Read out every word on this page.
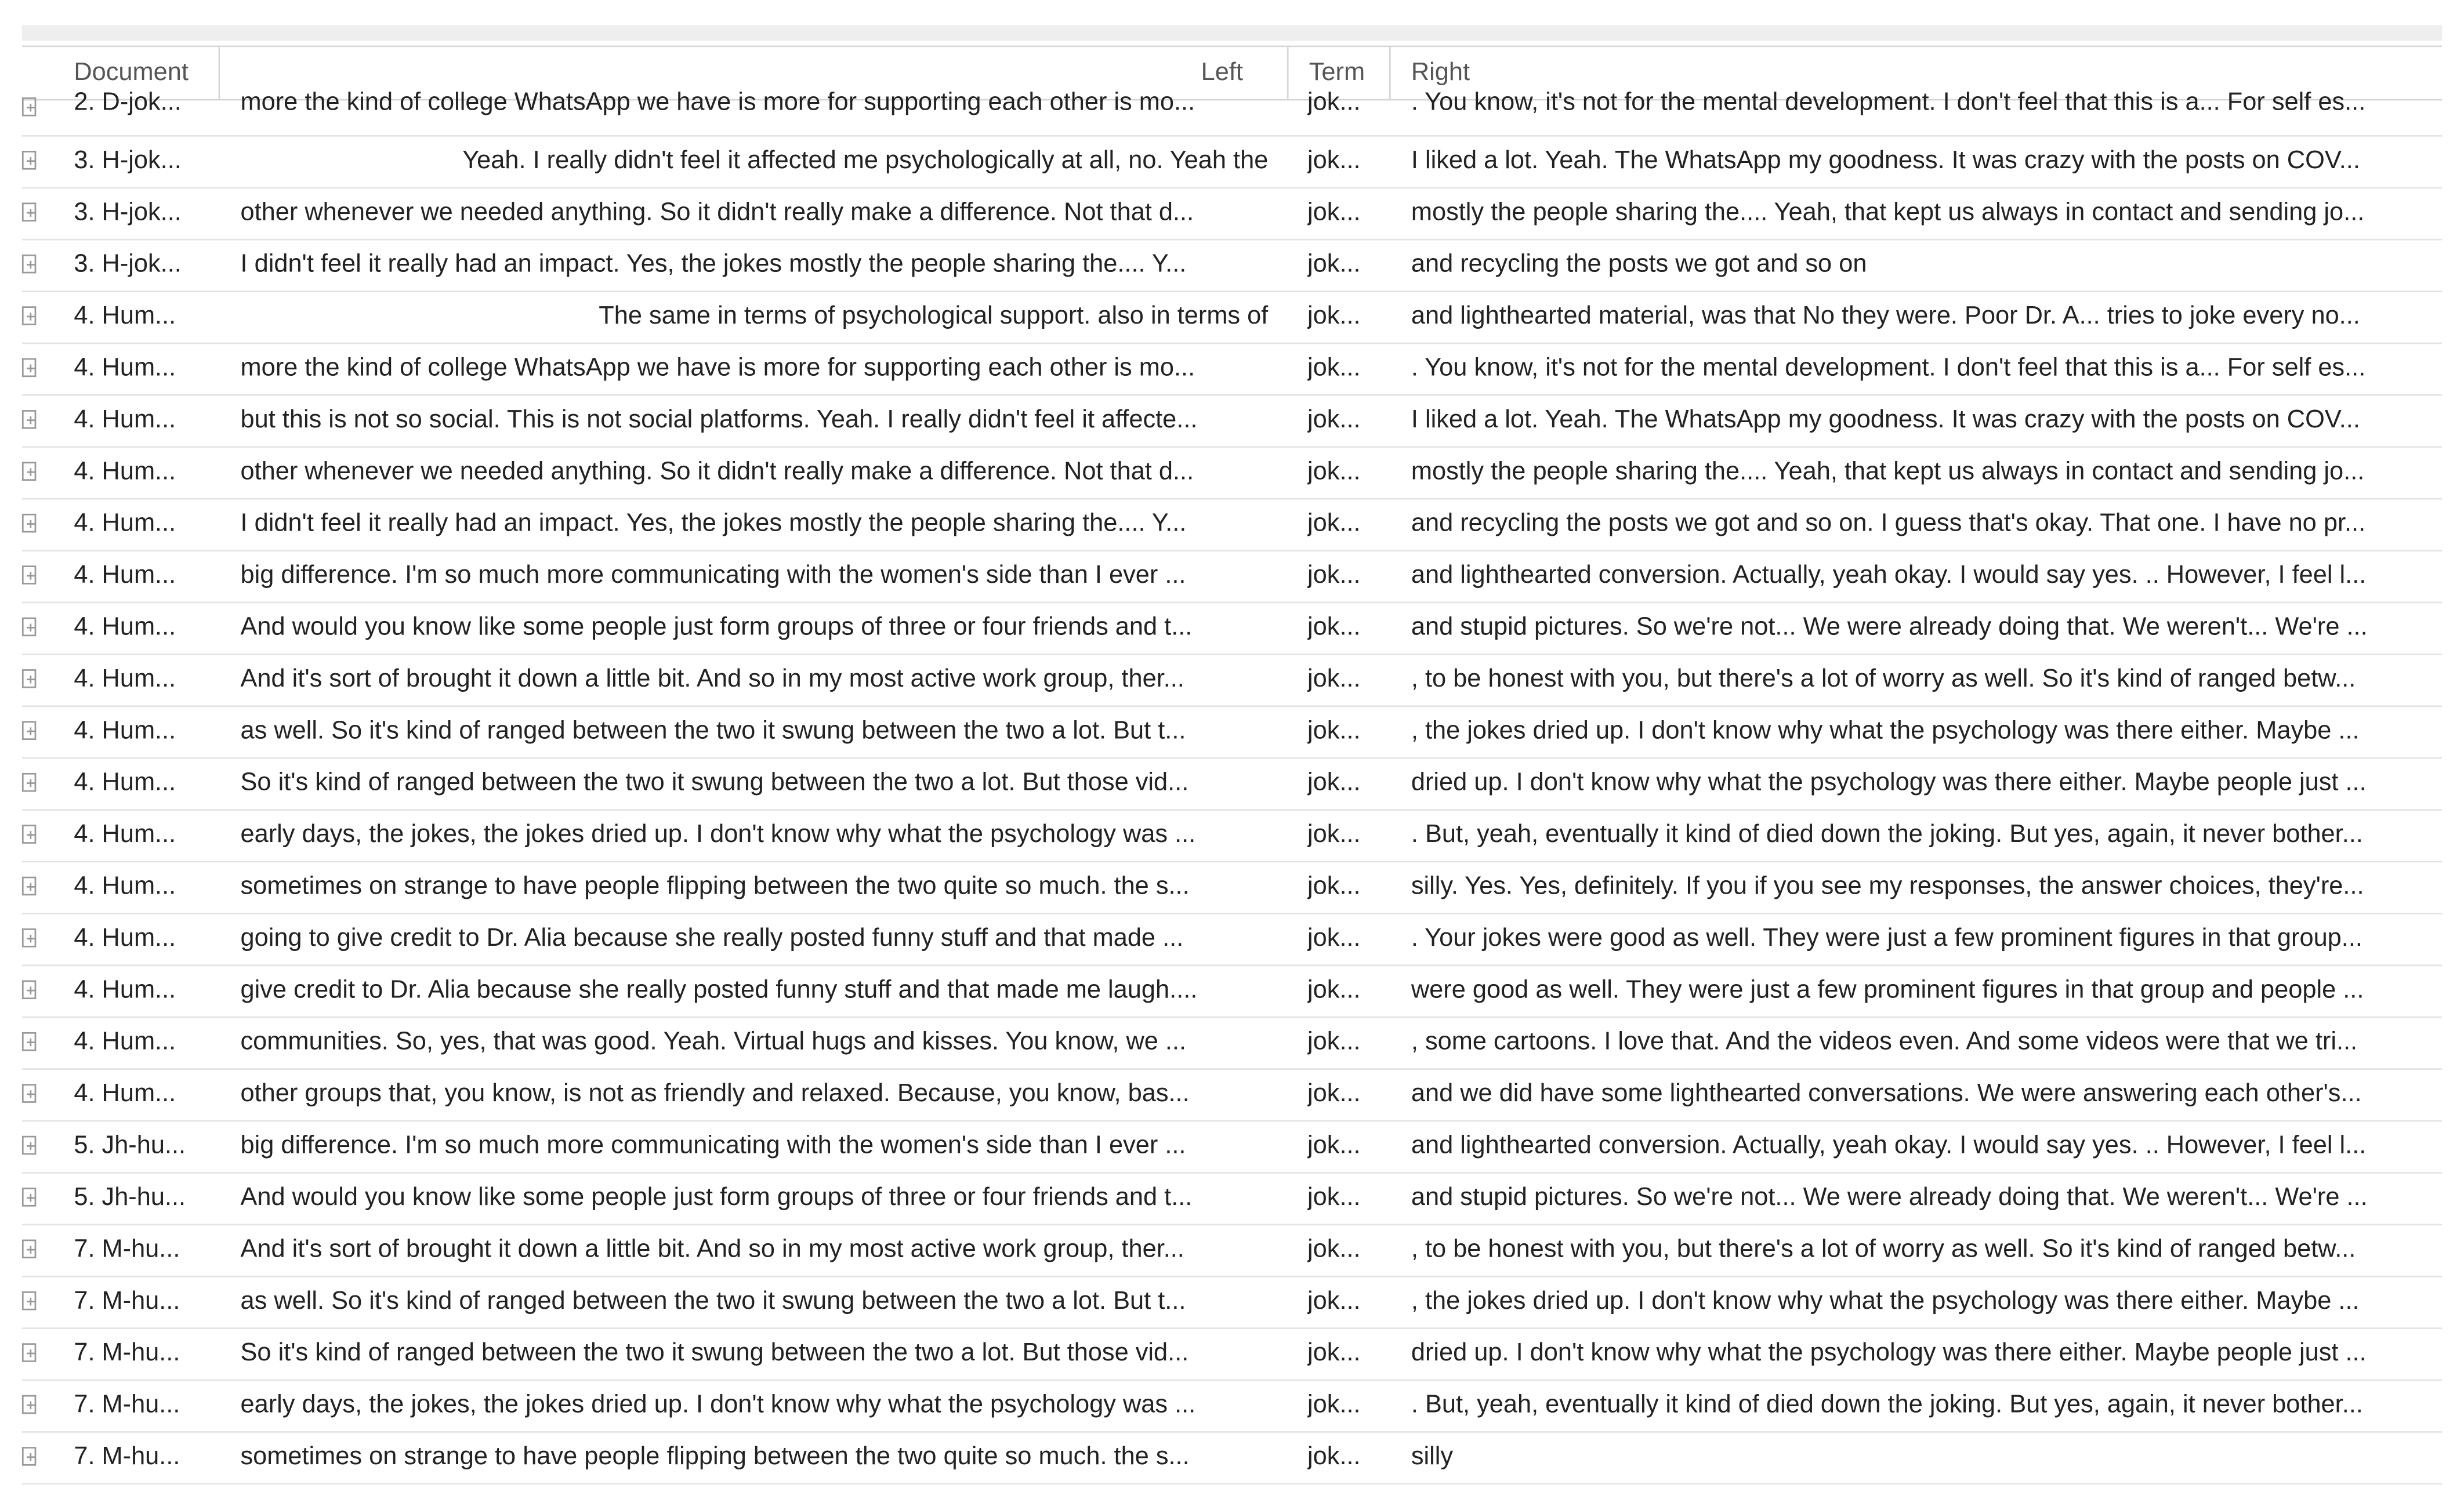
Document	Left	Term	Right
2. D-jok...	more the kind of college WhatsApp we have is more for supporting each other is mo...	jok...	. You know, it's not for the mental development. I don't feel that this is a... For self es...
3. H-jok...	Yeah. I really didn't feel it affected me psychologically at all, no. Yeah the	jok...	I liked a lot. Yeah. The WhatsApp my goodness. It was crazy with the posts on COV...
3. H-jok...	other whenever we needed anything. So it didn't really make a difference. Not that d...	jok...	mostly the people sharing the.... Yeah, that kept us always in contact and sending jo...
3. H-jok...	I didn't feel it really had an impact. Yes, the jokes mostly the people sharing the.... Y...	jok...	and recycling the posts we got and so on
4. Hum...	The same in terms of psychological support. also in terms of	jok...	and lighthearted material, was that No they were. Poor Dr. A... tries to joke every no...
4. Hum...	more the kind of college WhatsApp we have is more for supporting each other is mo...	jok...	. You know, it's not for the mental development. I don't feel that this is a... For self es...
4. Hum...	but this is not so social. This is not social platforms. Yeah. I really didn't feel it affecte...	jok...	I liked a lot. Yeah. The WhatsApp my goodness. It was crazy with the posts on COV...
4. Hum...	other whenever we needed anything. So it didn't really make a difference. Not that d...	jok...	mostly the people sharing the.... Yeah, that kept us always in contact and sending jo...
4. Hum...	I didn't feel it really had an impact. Yes, the jokes mostly the people sharing the.... Y...	jok...	and recycling the posts we got and so on. I guess that's okay. That one. I have no pr...
4. Hum...	big difference. I'm so much more communicating with the women's side than I ever ...	jok...	and lighthearted conversion. Actually, yeah okay. I would say yes. .. However, I feel l...
4. Hum...	And would you know like some people just form groups of three or four friends and t...	jok...	and stupid pictures. So we're not... We were already doing that. We weren't... We're ...
4. Hum...	And it's sort of brought it down a little bit. And so in my most active work group, ther...	jok...	, to be honest with you, but there's a lot of worry as well. So it's kind of ranged betw...
4. Hum...	as well. So it's kind of ranged between the two it swung between the two a lot. But t...	jok...	, the jokes dried up. I don't know why what the psychology was there either. Maybe ...
4. Hum...	So it's kind of ranged between the two it swung between the two a lot. But those vid...	jok...	dried up. I don't know why what the psychology was there either. Maybe people just ...
4. Hum...	early days, the jokes, the jokes dried up. I don't know why what the psychology was ...	jok...	. But, yeah, eventually it kind of died down the joking. But yes, again, it never bother...
4. Hum...	sometimes on strange to have people flipping between the two quite so much. the s...	jok...	silly. Yes. Yes, definitely. If you if you see my responses, the answer choices, they're...
4. Hum...	going to give credit to Dr. Alia because she really posted funny stuff and that made ...	jok...	. Your jokes were good as well. They were just a few prominent figures in that group...
4. Hum...	give credit to Dr. Alia because she really posted funny stuff and that made me laugh....	jok...	were good as well. They were just a few prominent figures in that group and people ...
4. Hum...	communities. So, yes, that was good. Yeah. Virtual hugs and kisses. You know, we ...	jok...	, some cartoons. I love that. And the videos even. And some videos were that we tri...
4. Hum...	other groups that, you know, is not as friendly and relaxed. Because, you know, bas...	jok...	and we did have some lighthearted conversations. We were answering each other's...
5. Jh-hu...	big difference. I'm so much more communicating with the women's side than I ever ...	jok...	and lighthearted conversion. Actually, yeah okay. I would say yes. .. However, I feel l...
5. Jh-hu...	And would you know like some people just form groups of three or four friends and t...	jok...	and stupid pictures. So we're not... We were already doing that. We weren't... We're ...
7. M-hu...	And it's sort of brought it down a little bit. And so in my most active work group, ther...	jok...	, to be honest with you, but there's a lot of worry as well. So it's kind of ranged betw...
7. M-hu...	as well. So it's kind of ranged between the two it swung between the two a lot. But t...	jok...	, the jokes dried up. I don't know why what the psychology was there either. Maybe ...
7. M-hu...	So it's kind of ranged between the two it swung between the two a lot. But those vid...	jok...	dried up. I don't know why what the psychology was there either. Maybe people just ...
7. M-hu...	early days, the jokes, the jokes dried up. I don't know why what the psychology was ...	jok...	. But, yeah, eventually it kind of died down the joking. But yes, again, it never bother...
7. M-hu...	sometimes on strange to have people flipping between the two quite so much. the s...	jok...	silly
